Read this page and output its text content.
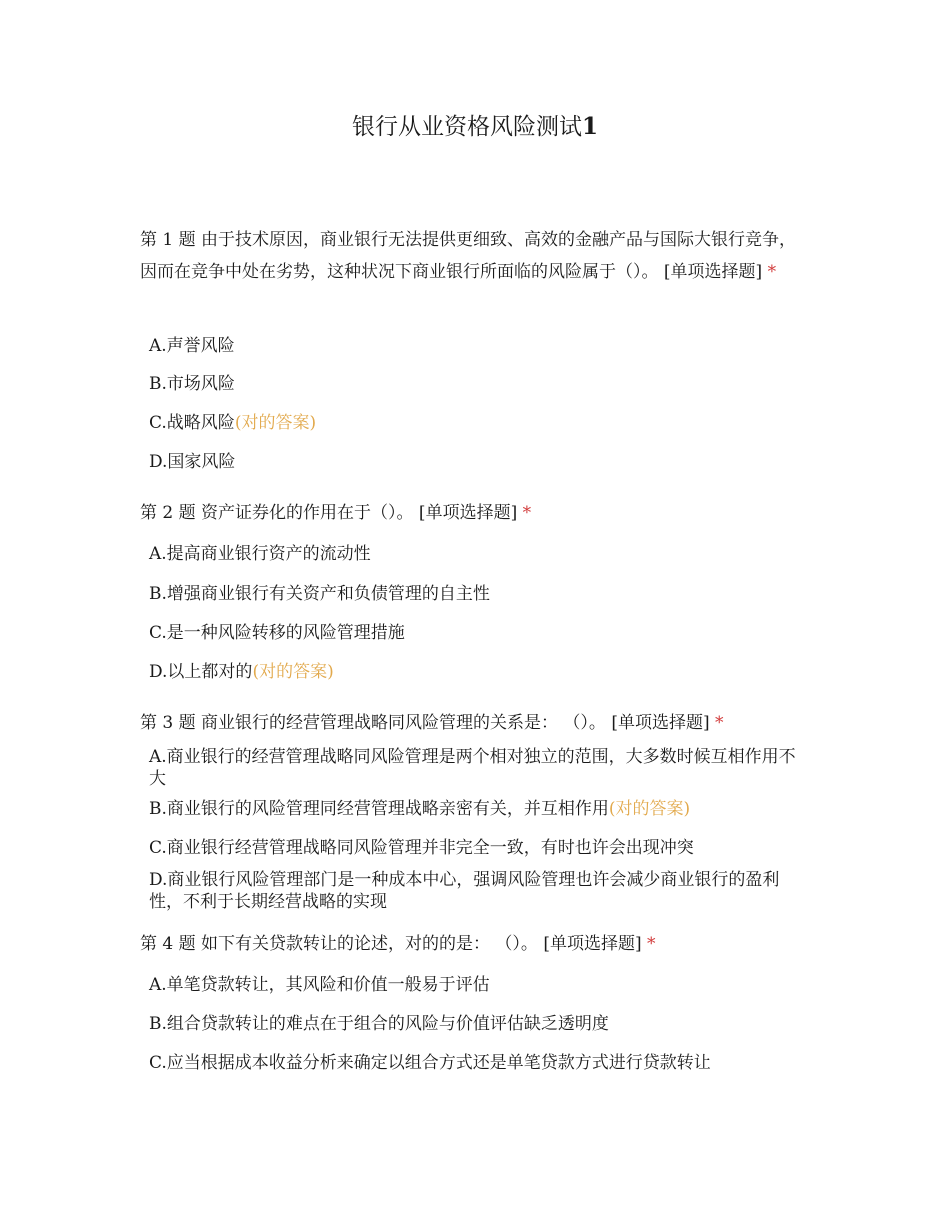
银行从业资格风险测试1
第 1 题 由于技术原因，商业银行无法提供更细致、高效的金融产品与国际大银行竞争，因而在竞争中处在劣势，这种状况下商业银行所面临的风险属于（）。 [单项选择题] *
A.声誉风险
B.市场风险
C.战略风险(对的答案)
D.国家风险
第 2 题 资产证券化的作用在于（）。 [单项选择题] *
A.提高商业银行资产的流动性
B.增强商业银行有关资产和负债管理的自主性
C.是一种风险转移的风险管理措施
D.以上都对的(对的答案)
第 3 题 商业银行的经营管理战略同风险管理的关系是： （）。 [单项选择题] *
A.商业银行的经营管理战略同风险管理是两个相对独立的范围，大多数时候互相作用不大
B.商业银行的风险管理同经营管理战略亲密有关，并互相作用(对的答案)
C.商业银行经营管理战略同风险管理并非完全一致，有时也许会出现冲突
D.商业银行风险管理部门是一种成本中心，强调风险管理也许会减少商业银行的盈利性，不利于长期经营战略的实现
第 4 题 如下有关贷款转让的论述，对的的是： （）。 [单项选择题] *
A.单笔贷款转让，其风险和价值一般易于评估
B.组合贷款转让的难点在于组合的风险与价值评估缺乏透明度
C.应当根据成本收益分析来确定以组合方式还是单笔贷款方式进行贷款转让
